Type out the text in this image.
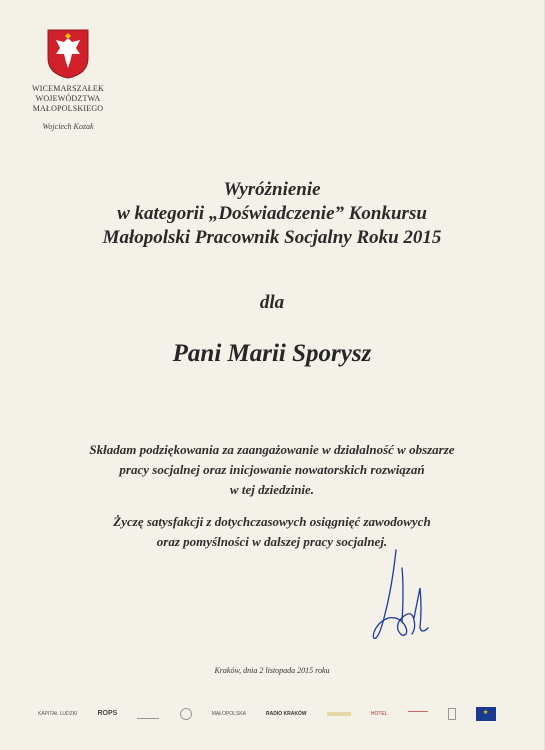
WICEMARSZAŁEK
WOJEWÓDZTWA
MAŁOPOLSKIEGO
Wojciech Kozak
Wyróżnienie
w kategorii „Doświadczenie” Konkursu
Małopolski Pracownik Socjalny Roku 2015
dla
Pani Marii Sporysz
Składam podziękowania za zaangażowanie w działalność w obszarze
pracy socjalnej oraz inicjowanie nowatorskich rozwiązań
w tej dziedzinie.
Życzę satysfakcji z dotychczasowych osiągnięć zawodowych
oraz pomyślności w dalszej pracy socjalnej.
Kraków, dnia 2 listopada 2015 roku
KAPITAŁ LUDZKI	ROPS	MAŁOPOLSKA	RADIO KRAKÓW	HOTEL
★
